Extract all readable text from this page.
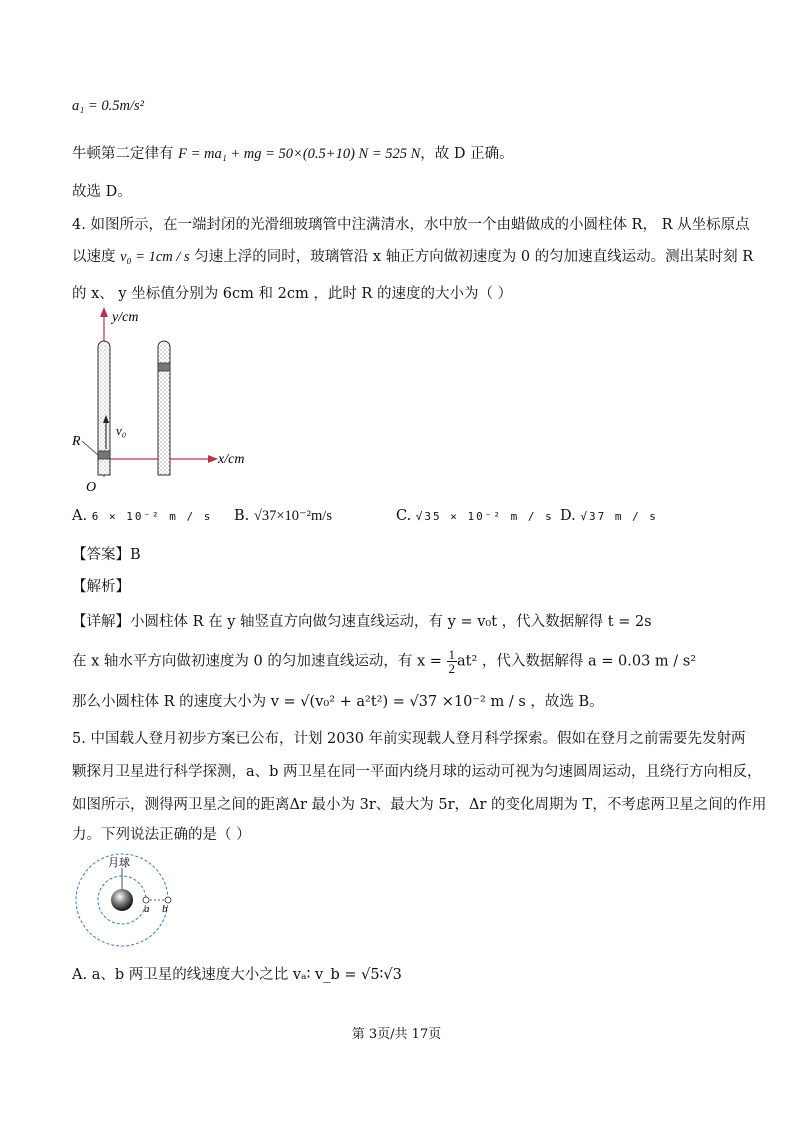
a₁ = 0.5m/s²
牛顿第二定律有 F = ma₁ + mg = 50×(0.5+10) N = 525 N，故 D 正确。
故选 D。
4. 如图所示，在一端封闭的光滑细玻璃管中注满清水，水中放一个由蜡做成的小圆柱体 R， R 从坐标原点
以速度 v₀ = 1cm / s 匀速上浮的同时，玻璃管沿 x 轴正方向做初速度为 0 的匀加速直线运动。测出某时刻 R
的 x、 y 坐标值分别为 6cm 和 2cm ，此时 R 的速度的大小为（ ）
y/cm
x/cm
v₀
R
O
A. 6 × 10⁻² m / s B. √37×10⁻²m/s	C. √35 × 10⁻² m / s D. √37 m / s
【答案】B
【解析】
【详解】小圆柱体 R 在 y 轴竖直方向做匀速直线运动，有 y = v₀t ，代入数据解得 t = 2s
在 x 轴水平方向做初速度为 0 的匀加速直线运动，有 $x = \frac{1}{2} at^2$ ，代入数据解得 a = 0.03 m / s²
那么小圆柱体 R 的速度大小为 v = √(v₀² + a²t²) = √37 ×10⁻² m / s ，故选 B。
5. 中国载人登月初步方案已公布，计划 2030 年前实现载人登月科学探索。假如在登月之前需要先发射两
颗探月卫星进行科学探测，a、b 两卫星在同一平面内绕月球的运动可视为匀速圆周运动，且绕行方向相反，
如图所示，测得两卫星之间的距离Δr 最小为 3r、最大为 5r，Δr 的变化周期为 T，不考虑两卫星之间的作用
力。下列说法正确的是（ ）
月球
a b
A. a、b 两卫星的线速度大小之比 vₐ∶ v_b = √5∶√3
第 3页/共 17页
